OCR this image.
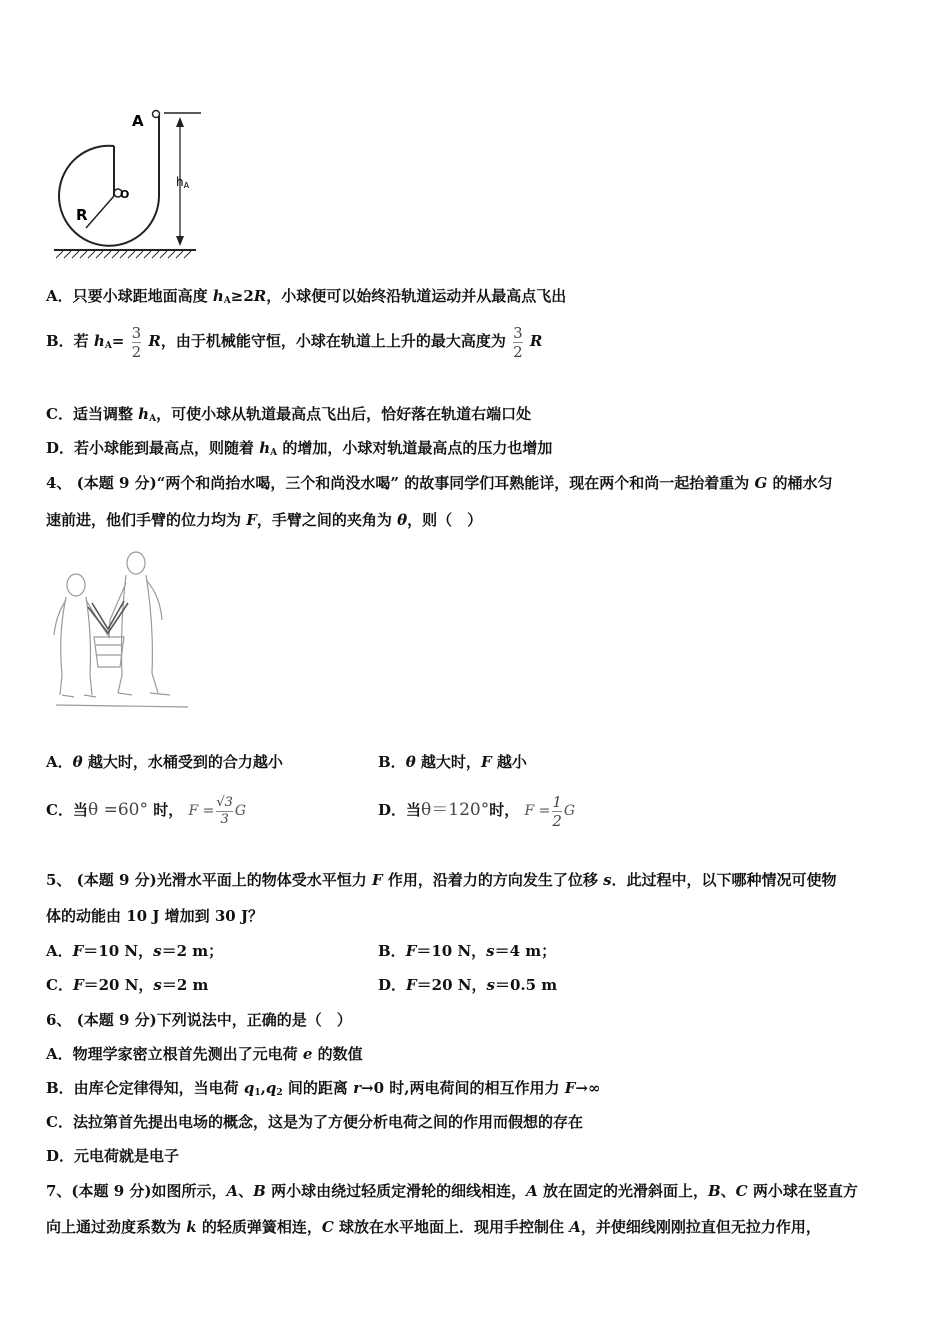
A
O
R
hA
A．只要小球距地面高度 $h_A\ge 2R$，小球便可以始终沿轨道运动并从最高点飞出
B．若 $h_A= \frac{3}{2}$ R，由于机械能守恒，小球在轨道上上升的最大高度为 $\frac{3}{2}$ R
C．适当调整 $h_A$，可使小球从轨道最高点飞出后，恰好落在轨道右端口处
D．若小球能到最高点，则随着 $h_A$ 的增加，小球对轨道最高点的压力也增加
4、 (本题 9 分)“两个和尚抬水喝，三个和尚没水喝” 的故事同学们耳熟能详，现在两个和尚一起抬着重为 G 的桶水匀
速前进，他们手臂的位力均为 F，手臂之间的夹角为 θ，则（　）
A．θ 越大时，水桶受到的合力越小	B．θ 越大时，F 越小
C．当θ =60° 时， $F = \frac{√3}{3}$ G	D．当θ＝120°时， $F = \frac{1}{2}$ G
5、 (本题 9 分)光滑水平面上的物体受水平恒力 F 作用，沿着力的方向发生了位移 s．此过程中，以下哪种情况可使物
体的动能由 10 J 增加到 30 J？
A．F＝10 N，s＝2 m；	B．F＝10 N，s＝4 m；
C．F＝20 N，s＝2 m	D．F＝20 N，s＝0.5 m
6、 (本题 9 分)下列说法中，正确的是（　）
A．物理学家密立根首先测出了元电荷 e 的数值
B．由库仑定律得知，当电荷 $q_1,q_2$ 间的距离 r→0 时,两电荷间的相互作用力 F→∞
C．法拉第首先提出电场的概念，这是为了方便分析电荷之间的作用而假想的存在
D．元电荷就是电子
7、(本题 9 分)如图所示，A、B 两小球由绕过轻质定滑轮的细线相连，A 放在固定的光滑斜面上，B、C 两小球在竖直方
向上通过劲度系数为 k 的轻质弹簧相连，C 球放在水平地面上．现用手控制住 A，并使细线刚刚拉直但无拉力作用，
